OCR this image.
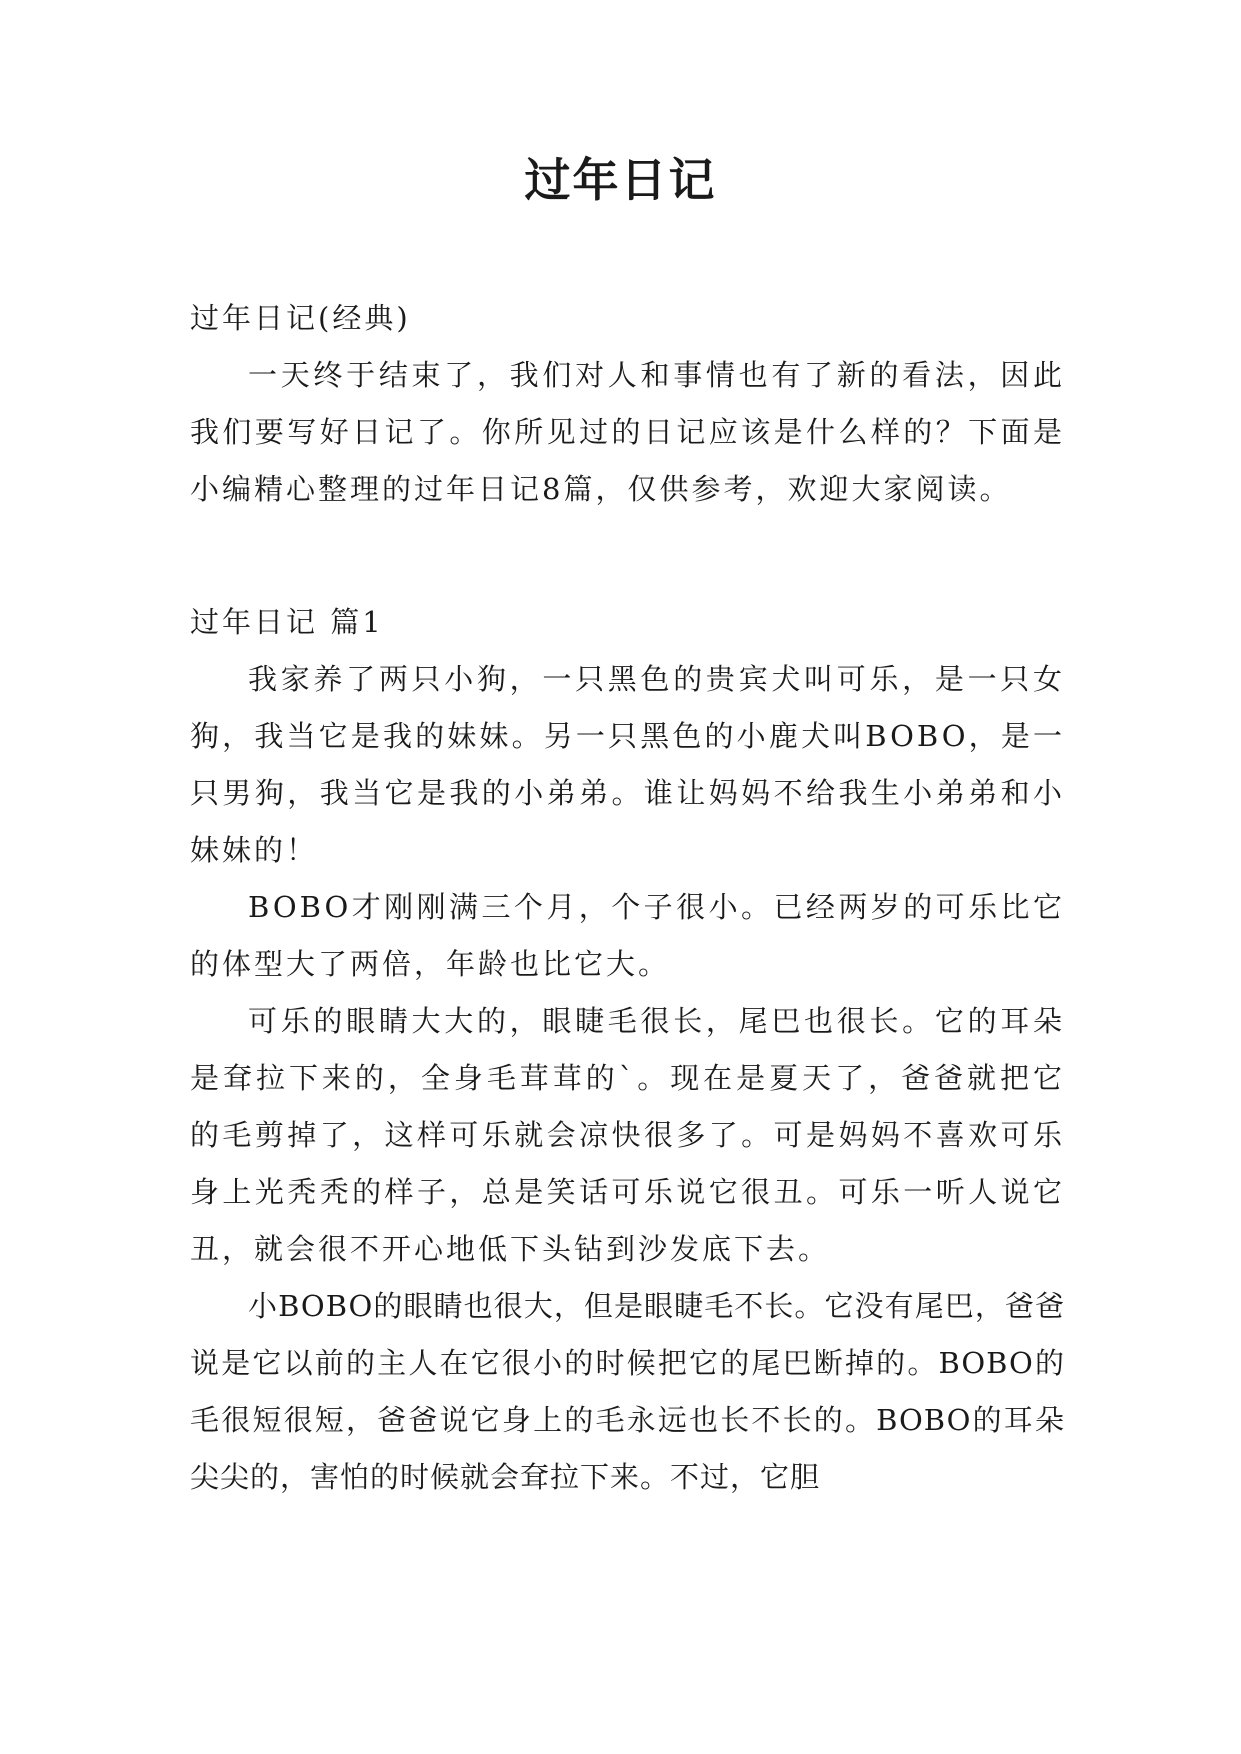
过年日记

过年日记(经典)

一天终于结束了，我们对人和事情也有了新的看法，因此我们要写好日记了。你所见过的日记应该是什么样的？下面是小编精心整理的过年日记8篇，仅供参考，欢迎大家阅读。

过年日记 篇1

我家养了两只小狗，一只黑色的贵宾犬叫可乐，是一只女狗，我当它是我的妹妹。另一只黑色的小鹿犬叫BOBO，是一只男狗，我当它是我的小弟弟。谁让妈妈不给我生小弟弟和小妹妹的！

BOBO才刚刚满三个月，个子很小。已经两岁的可乐比它的体型大了两倍，年龄也比它大。

可乐的眼睛大大的，眼睫毛很长，尾巴也很长。它的耳朵是耷拉下来的，全身毛茸茸的`。现在是夏天了，爸爸就把它的毛剪掉了，这样可乐就会凉快很多了。可是妈妈不喜欢可乐身上光秃秃的样子，总是笑话可乐说它很丑。可乐一听人说它丑，就会很不开心地低下头钻到沙发底下去。

小BOBO的眼睛也很大，但是眼睫毛不长。它没有尾巴，爸爸说是它以前的主人在它很小的时候把它的尾巴断掉的。BOBO的毛很短很短，爸爸说它身上的毛永远也长不长的。BOBO的耳朵尖尖的，害怕的时候就会耷拉下来。不过，它胆
